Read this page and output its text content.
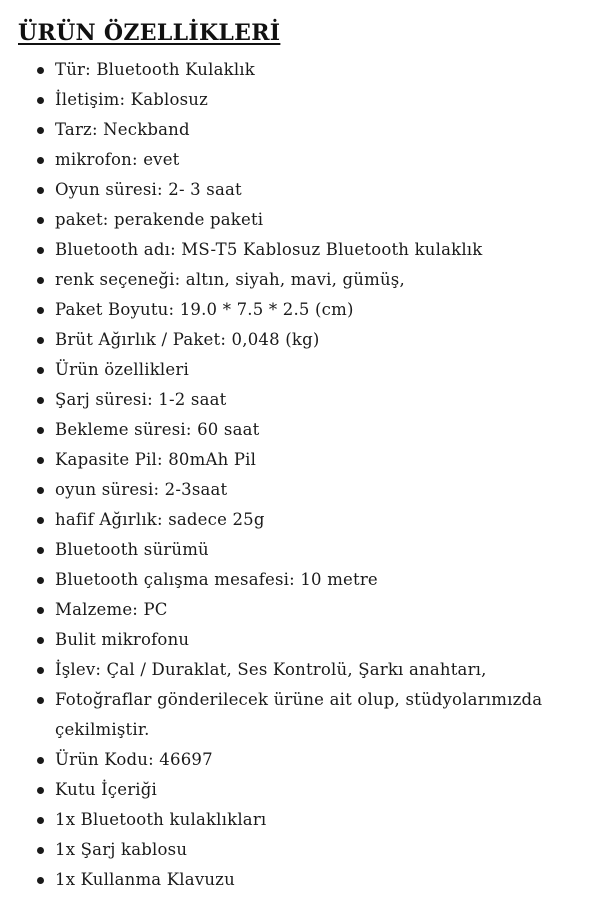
ÜRÜN ÖZELLİKLERİ
Tür: Bluetooth Kulaklık
İletişim: Kablosuz
Tarz: Neckband
mikrofon: evet
Oyun süresi: 2- 3 saat
paket: perakende paketi
Bluetooth adı: MS-T5 Kablosuz Bluetooth kulaklık
renk seçeneği: altın, siyah, mavi, gümüş,
Paket Boyutu: 19.0 * 7.5 * 2.5 (cm)
Brüt Ağırlık / Paket: 0,048 (kg)
Ürün özellikleri
Şarj süresi: 1-2 saat
Bekleme süresi: 60 saat
Kapasite Pil: 80mAh Pil
oyun süresi: 2-3saat
hafif Ağırlık: sadece 25g
Bluetooth sürümü
Bluetooth çalışma mesafesi: 10 metre
Malzeme: PC
Bulit mikrofonu
İşlev: Çal / Duraklat, Ses Kontrolü, Şarkı anahtarı,
Fotoğraflar gönderilecek ürüne ait olup, stüdyolarımızda çekilmiştir.
Ürün Kodu: 46697
Kutu İçeriği
1x Bluetooth kulaklıkları
1x Şarj kablosu
1x Kullanma Klavuzu
